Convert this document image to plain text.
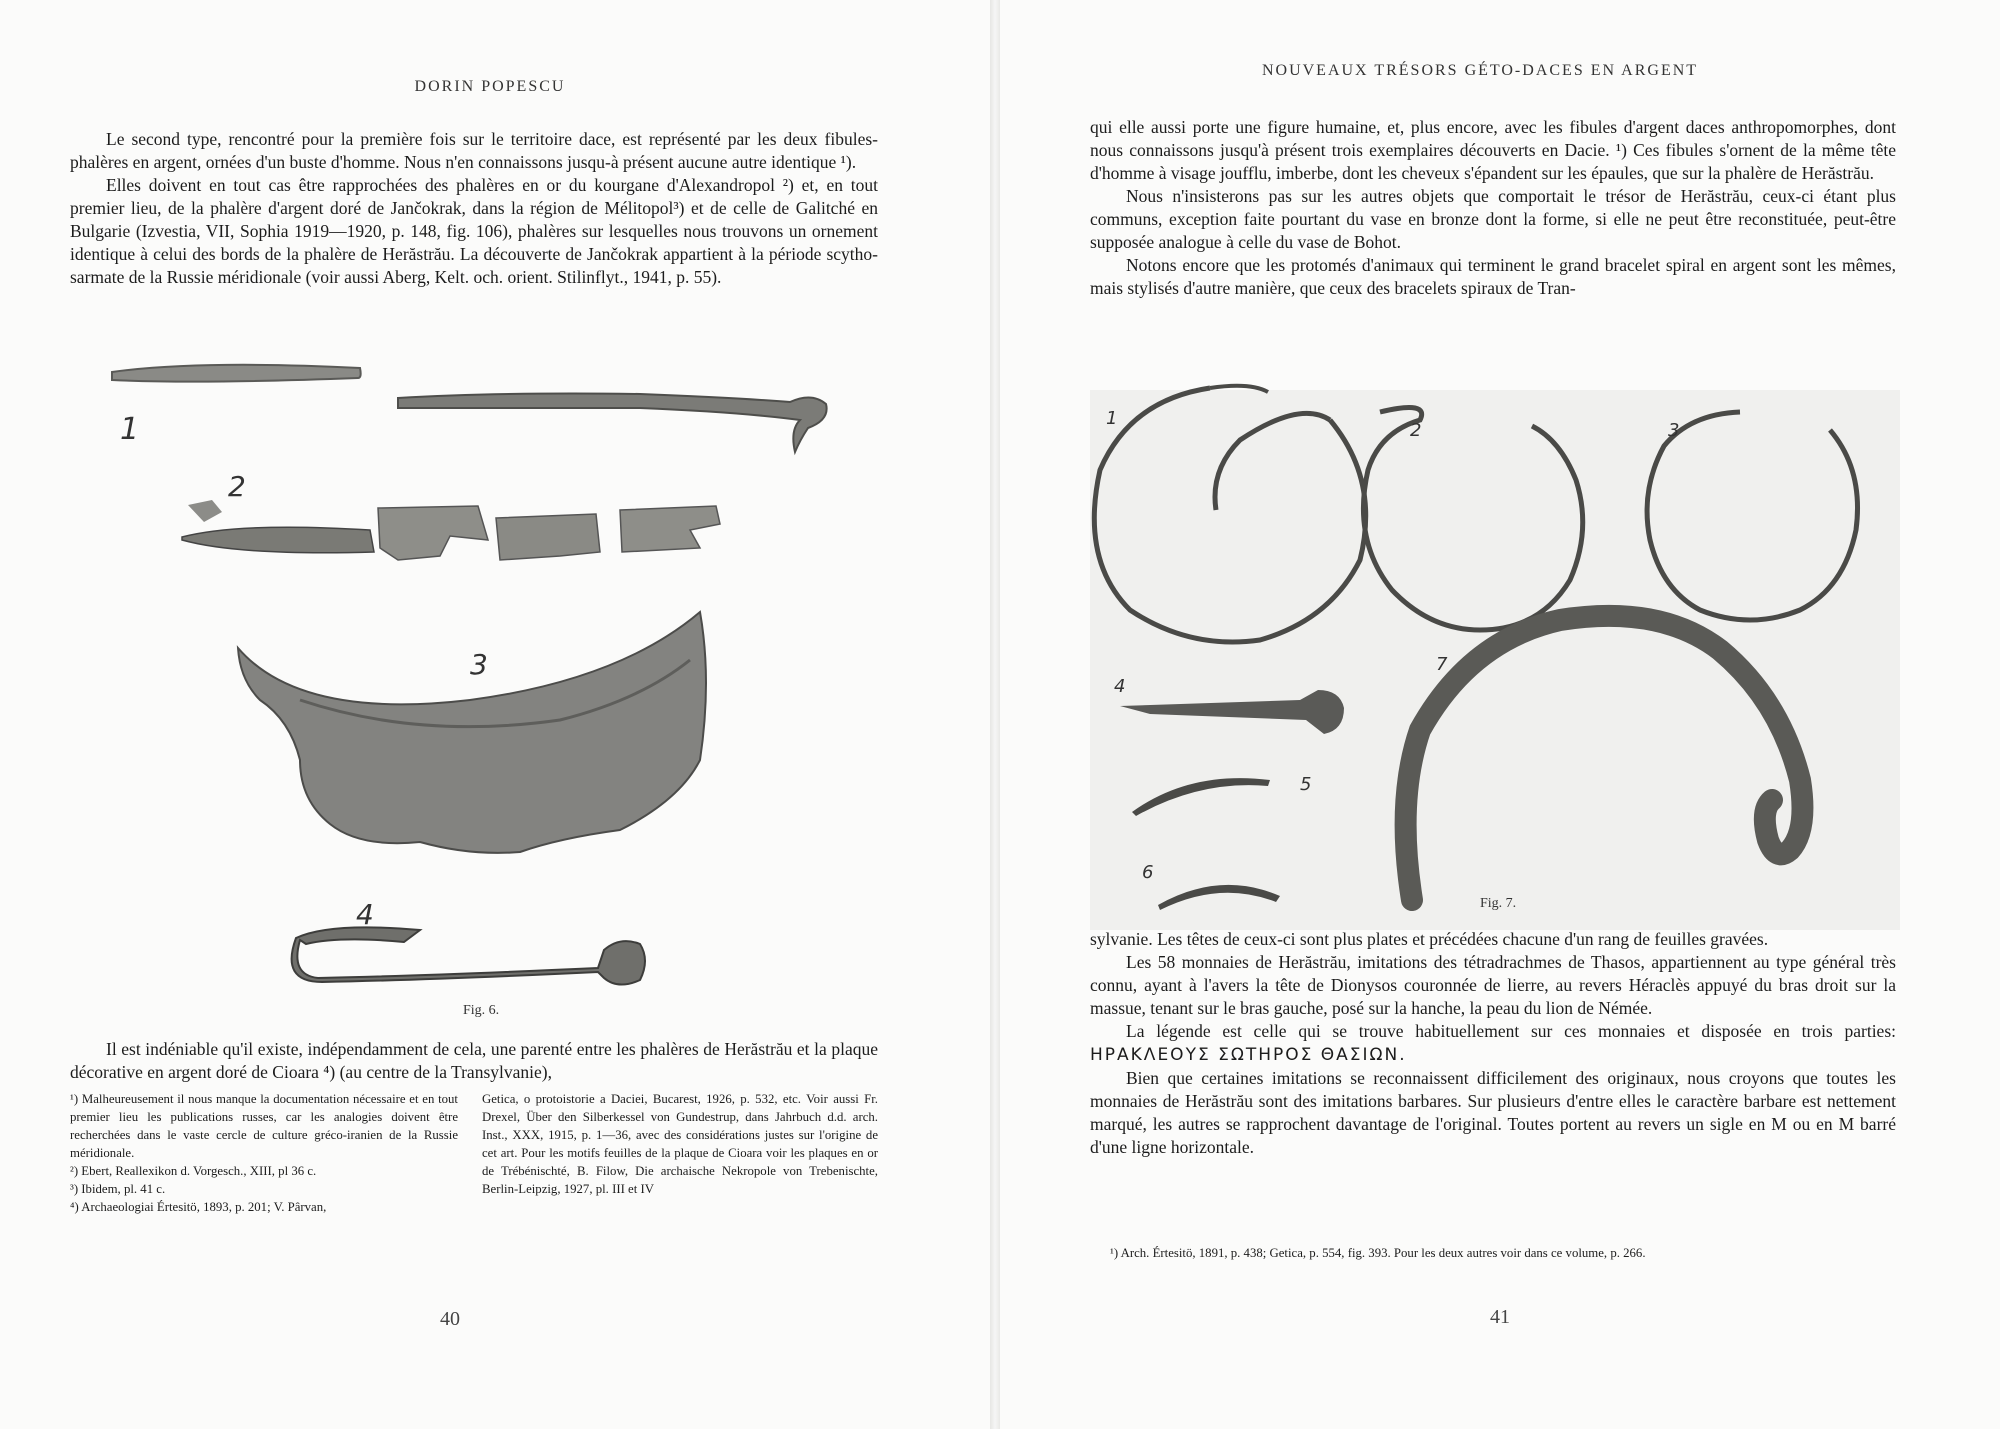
DORIN POPESCU

Le second type, rencontré pour la première fois sur le territoire dace, est représenté par les deux fibules-phalères en argent, ornées d'un buste d'homme. Nous n'en connaissons jusqu-à présent aucune autre identique ¹).

Elles doivent en tout cas être rapprochées des phalères en or du kourgane d'Alexandropol ²) et, en tout premier lieu, de la phalère d'argent doré de Jančokrak, dans la région de Mélitopol³) et de celle de Galitché en Bulgarie (Izvestia, VII, Sophia 1919—1920, p. 148, fig. 106), phalères sur lesquelles nous trouvons un ornement identique à celui des bords de la phalère de Herăstrău. La découverte de Jančokrak appartient à la période scytho-sarmate de la Russie méridionale (voir aussi Aberg, Kelt. och. orient. Stilinflyt., 1941, p. 55).

1
2
3
4
Fig. 6.

Il est indéniable qu'il existe, indépendamment de cela, une parenté entre les phalères de Herăstrău et la plaque décorative en argent doré de Cioara ⁴) (au centre de la Transylvanie),

¹) Malheureusement il nous manque la documentation nécessaire et en tout premier lieu les publications russes, car les analogies doivent être recherchées dans le vaste cercle de culture gréco-iranien de la Russie méridionale.

²) Ebert, Reallexikon d. Vorgesch., XIII, pl 36 c.

³) Ibidem, pl. 41 c.

⁴) Archaeologiai Értesitö, 1893, p. 201; V. Pârvan,

Getica, o protoistorie a Daciei, Bucarest, 1926, p. 532, etc. Voir aussi Fr. Drexel, Über den Silberkessel von Gundestrup, dans Jahrbuch d.d. arch. Inst., XXX, 1915, p. 1—36, avec des considérations justes sur l'origine de cet art. Pour les motifs feuilles de la plaque de Cioara voir les plaques en or de Trébénischté, B. Filow, Die archaische Nekropole von Trebenischte, Berlin-Leipzig, 1927, pl. III et IV

40
NOUVEAUX TRÉSORS GÉTO-DACES EN ARGENT

qui elle aussi porte une figure humaine, et, plus encore, avec les fibules d'argent daces anthropomorphes, dont nous connaissons jusqu'à présent trois exemplaires découverts en Dacie. ¹) Ces fibules s'ornent de la même tête d'homme à visage joufflu, imberbe, dont les cheveux s'épandent sur les épaules, que sur la phalère de Herăstrău.

Nous n'insisterons pas sur les autres objets que comportait le trésor de Herăstrău, ceux-ci étant plus communs, exception faite pourtant du vase en bronze dont la forme, si elle ne peut être reconstituée, peut-être supposée analogue à celle du vase de Bohot.

Notons encore que les protomés d'animaux qui terminent le grand bracelet spiral en argent sont les mêmes, mais stylisés d'autre manière, que ceux des bracelets spiraux de Tran-

1
2	3
4
5
6
7
Fig. 7.

sylvanie. Les têtes de ceux-ci sont plus plates et précédées chacune d'un rang de feuilles gravées.

Les 58 monnaies de Herăstrău, imitations des tétradrachmes de Thasos, appartiennent au type général très connu, ayant à l'avers la tête de Dionysos couronnée de lierre, au revers Héraclès appuyé du bras droit sur la massue, tenant sur le bras gauche, posé sur la hanche, la peau du lion de Némée.

La légende est celle qui se trouve habituellement sur ces monnaies et disposée en trois parties: ΗΡΑΚΛΕΟΥΣ ΣΩΤΗΡΟΣ ΘΑΣΙΩΝ.

Bien que certaines imitations se reconnaissent difficilement des originaux, nous croyons que toutes les monnaies de Herăstrău sont des imitations barbares. Sur plusieurs d'entre elles le caractère barbare est nettement marqué, les autres se rapprochent davantage de l'original. Toutes portent au revers un sigle en M ou en M barré d'une ligne horizontale.

¹) Arch. Értesitö, 1891, p. 438; Getica, p. 554, fig. 393. Pour les deux autres voir dans ce volume, p. 266.

41
